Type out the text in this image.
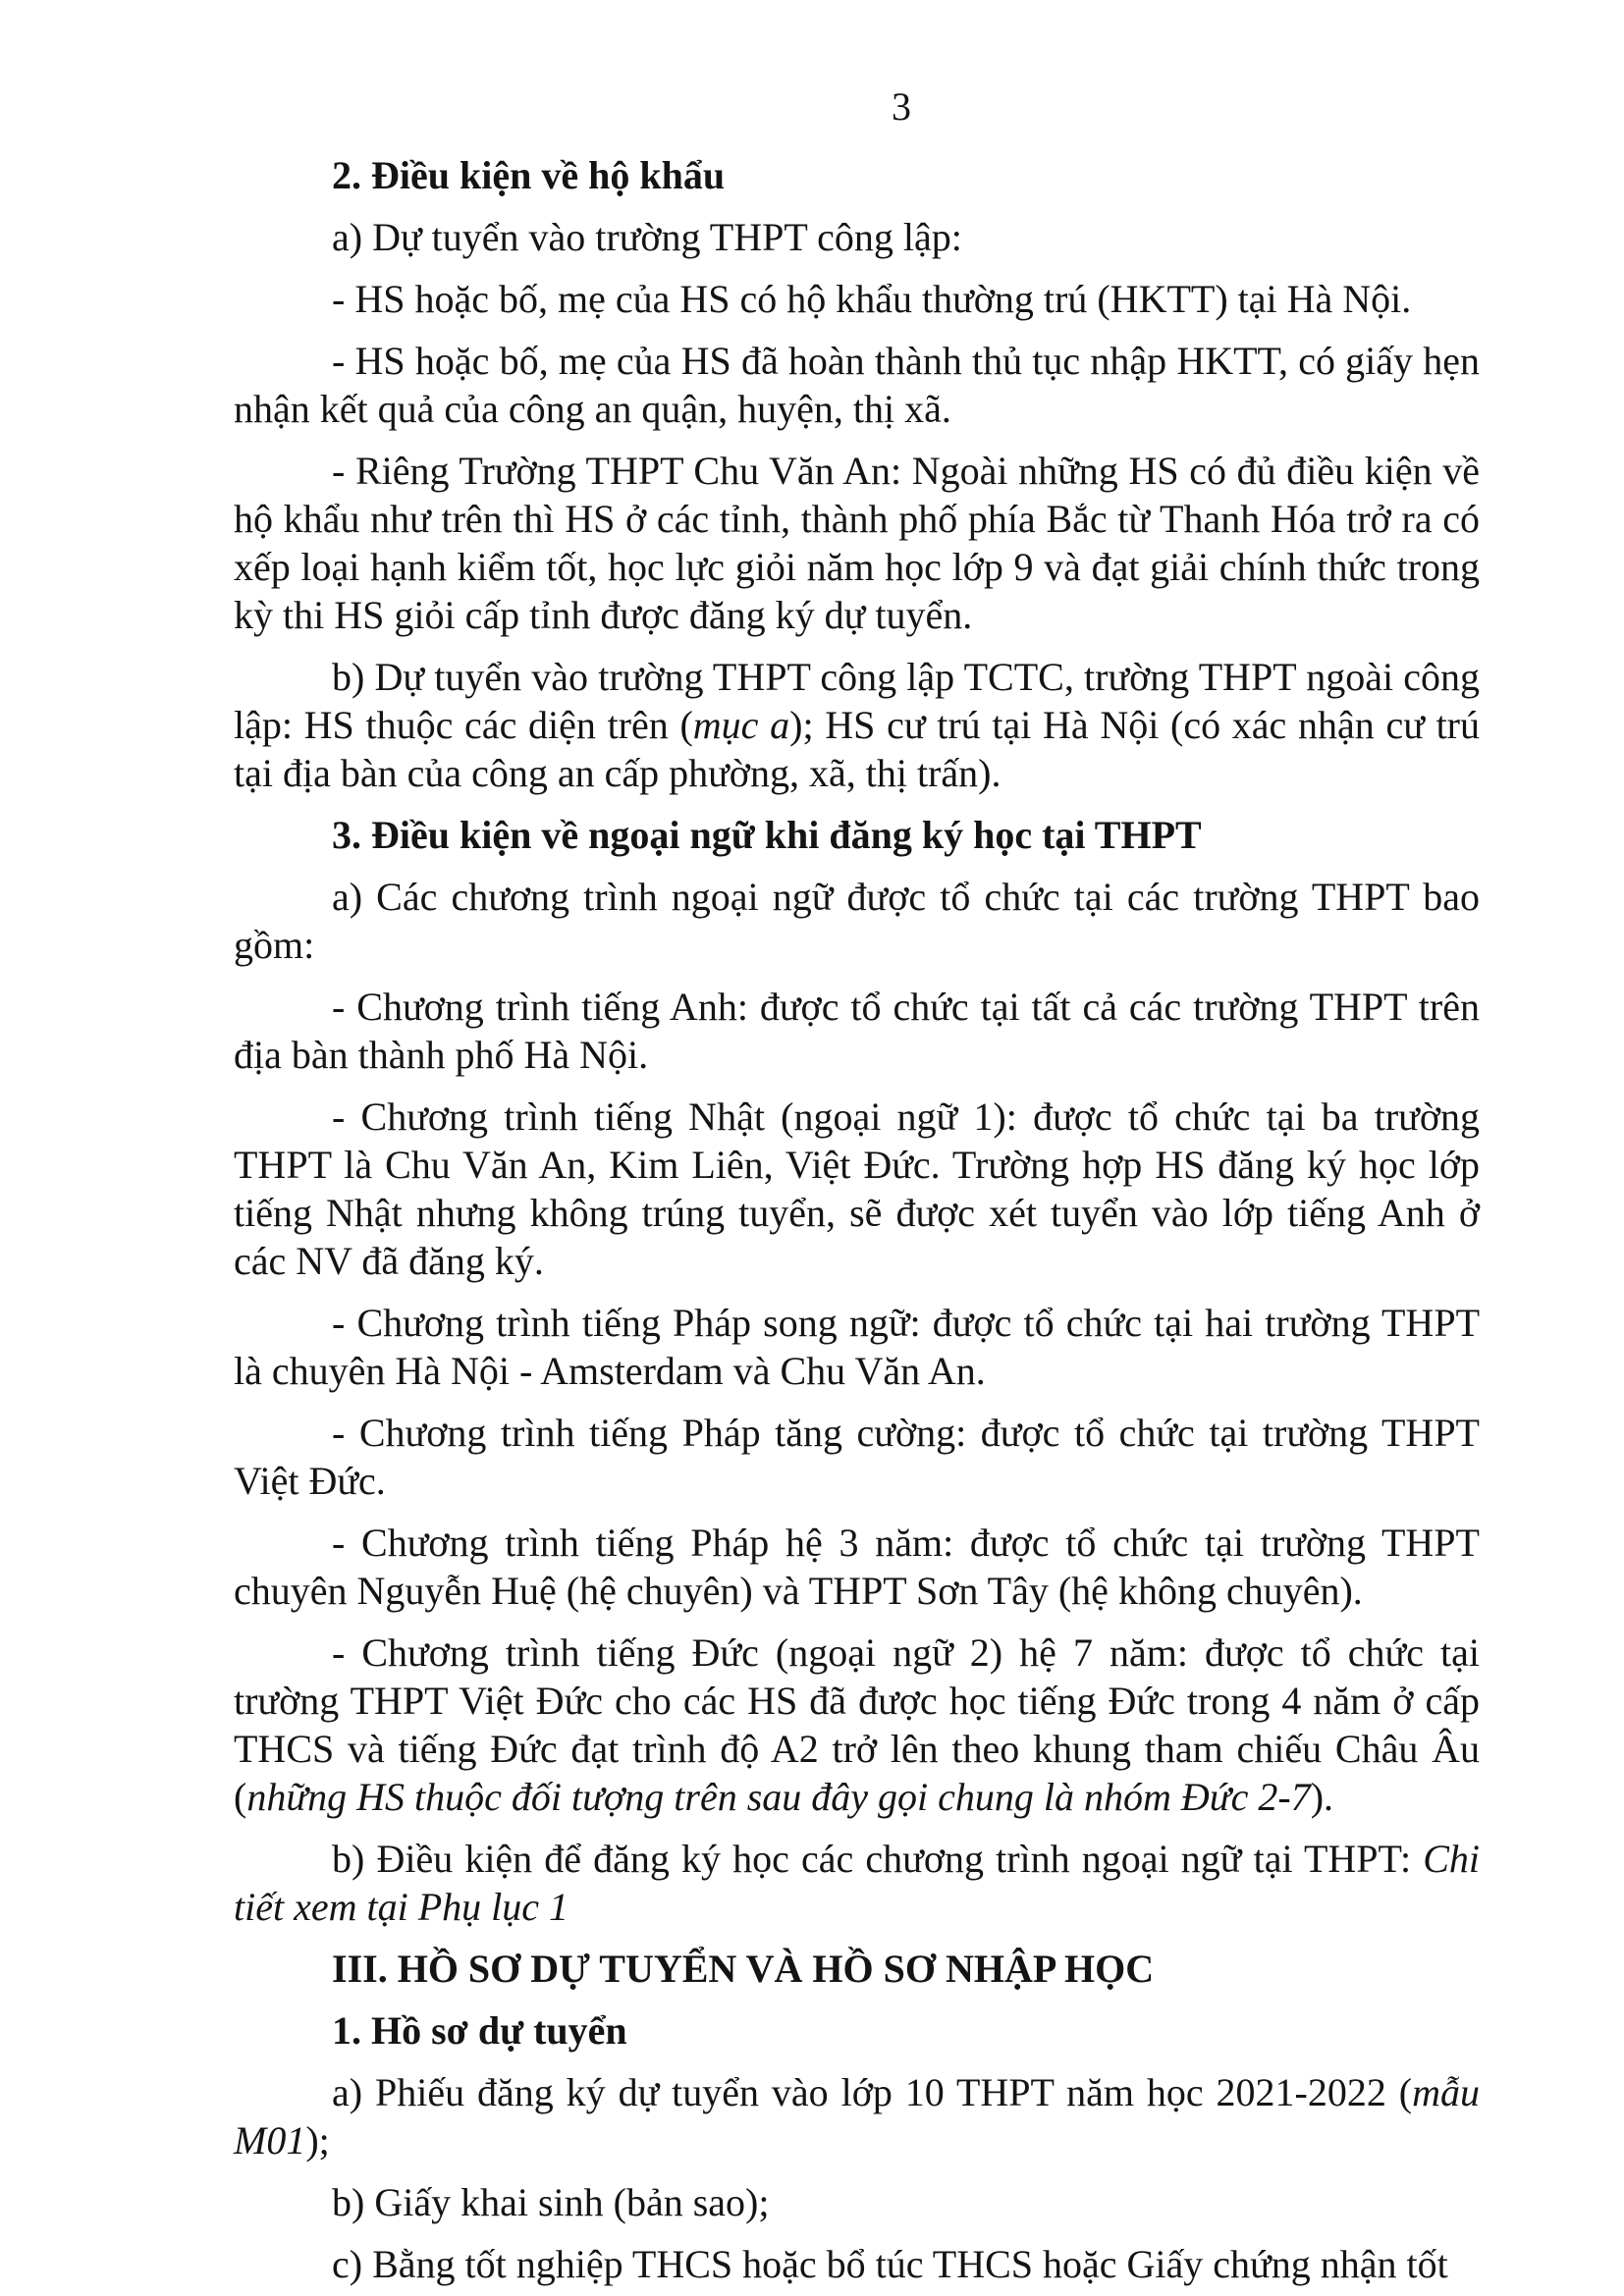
3

2. Điều kiện về hộ khẩu

a) Dự tuyển vào trường THPT công lập:

- HS hoặc bố, mẹ của HS có hộ khẩu thường trú (HKTT) tại Hà Nội.

- HS hoặc bố, mẹ của HS đã hoàn thành thủ tục nhập HKTT, có giấy hẹn nhận kết quả của công an quận, huyện, thị xã.

- Riêng Trường THPT Chu Văn An: Ngoài những HS có đủ điều kiện về hộ khẩu như trên thì HS ở các tỉnh, thành phố phía Bắc từ Thanh Hóa trở ra có xếp loại hạnh kiểm tốt, học lực giỏi năm học lớp 9 và đạt giải chính thức trong kỳ thi HS giỏi cấp tỉnh được đăng ký dự tuyển.

b) Dự tuyển vào trường THPT công lập TCTC, trường THPT ngoài công lập: HS thuộc các diện trên (mục a); HS cư trú tại Hà Nội (có xác nhận cư trú tại địa bàn của công an cấp phường, xã, thị trấn).

3. Điều kiện về ngoại ngữ khi đăng ký học tại THPT

a) Các chương trình ngoại ngữ được tổ chức tại các trường THPT bao gồm:

- Chương trình tiếng Anh: được tổ chức tại tất cả các trường THPT trên địa bàn thành phố Hà Nội.

- Chương trình tiếng Nhật (ngoại ngữ 1): được tổ chức tại ba trường THPT là Chu Văn An, Kim Liên, Việt Đức. Trường hợp HS đăng ký học lớp tiếng Nhật nhưng không trúng tuyển, sẽ được xét tuyển vào lớp tiếng Anh ở các NV đã đăng ký.

- Chương trình tiếng Pháp song ngữ: được tổ chức tại hai trường THPT là chuyên Hà Nội - Amsterdam và Chu Văn An.

- Chương trình tiếng Pháp tăng cường: được tổ chức tại trường THPT Việt Đức.

- Chương trình tiếng Pháp hệ 3 năm: được tổ chức tại trường THPT chuyên Nguyễn Huệ (hệ chuyên) và THPT Sơn Tây (hệ không chuyên).

- Chương trình tiếng Đức (ngoại ngữ 2) hệ 7 năm: được tổ chức tại trường THPT Việt Đức cho các HS đã được học tiếng Đức trong 4 năm ở cấp THCS và tiếng Đức đạt trình độ A2 trở lên theo khung tham chiếu Châu Âu (những HS thuộc đối tượng trên sau đây gọi chung là nhóm Đức 2-7).

b) Điều kiện để đăng ký học các chương trình ngoại ngữ tại THPT: Chi tiết xem tại Phụ lục 1

III. HỒ SƠ DỰ TUYỂN VÀ HỒ SƠ NHẬP HỌC

1. Hồ sơ dự tuyển

a) Phiếu đăng ký dự tuyển vào lớp 10 THPT năm học 2021-2022 (mẫu M01);

b) Giấy khai sinh (bản sao);

c) Bằng tốt nghiệp THCS hoặc bổ túc THCS hoặc Giấy chứng nhận tốt
